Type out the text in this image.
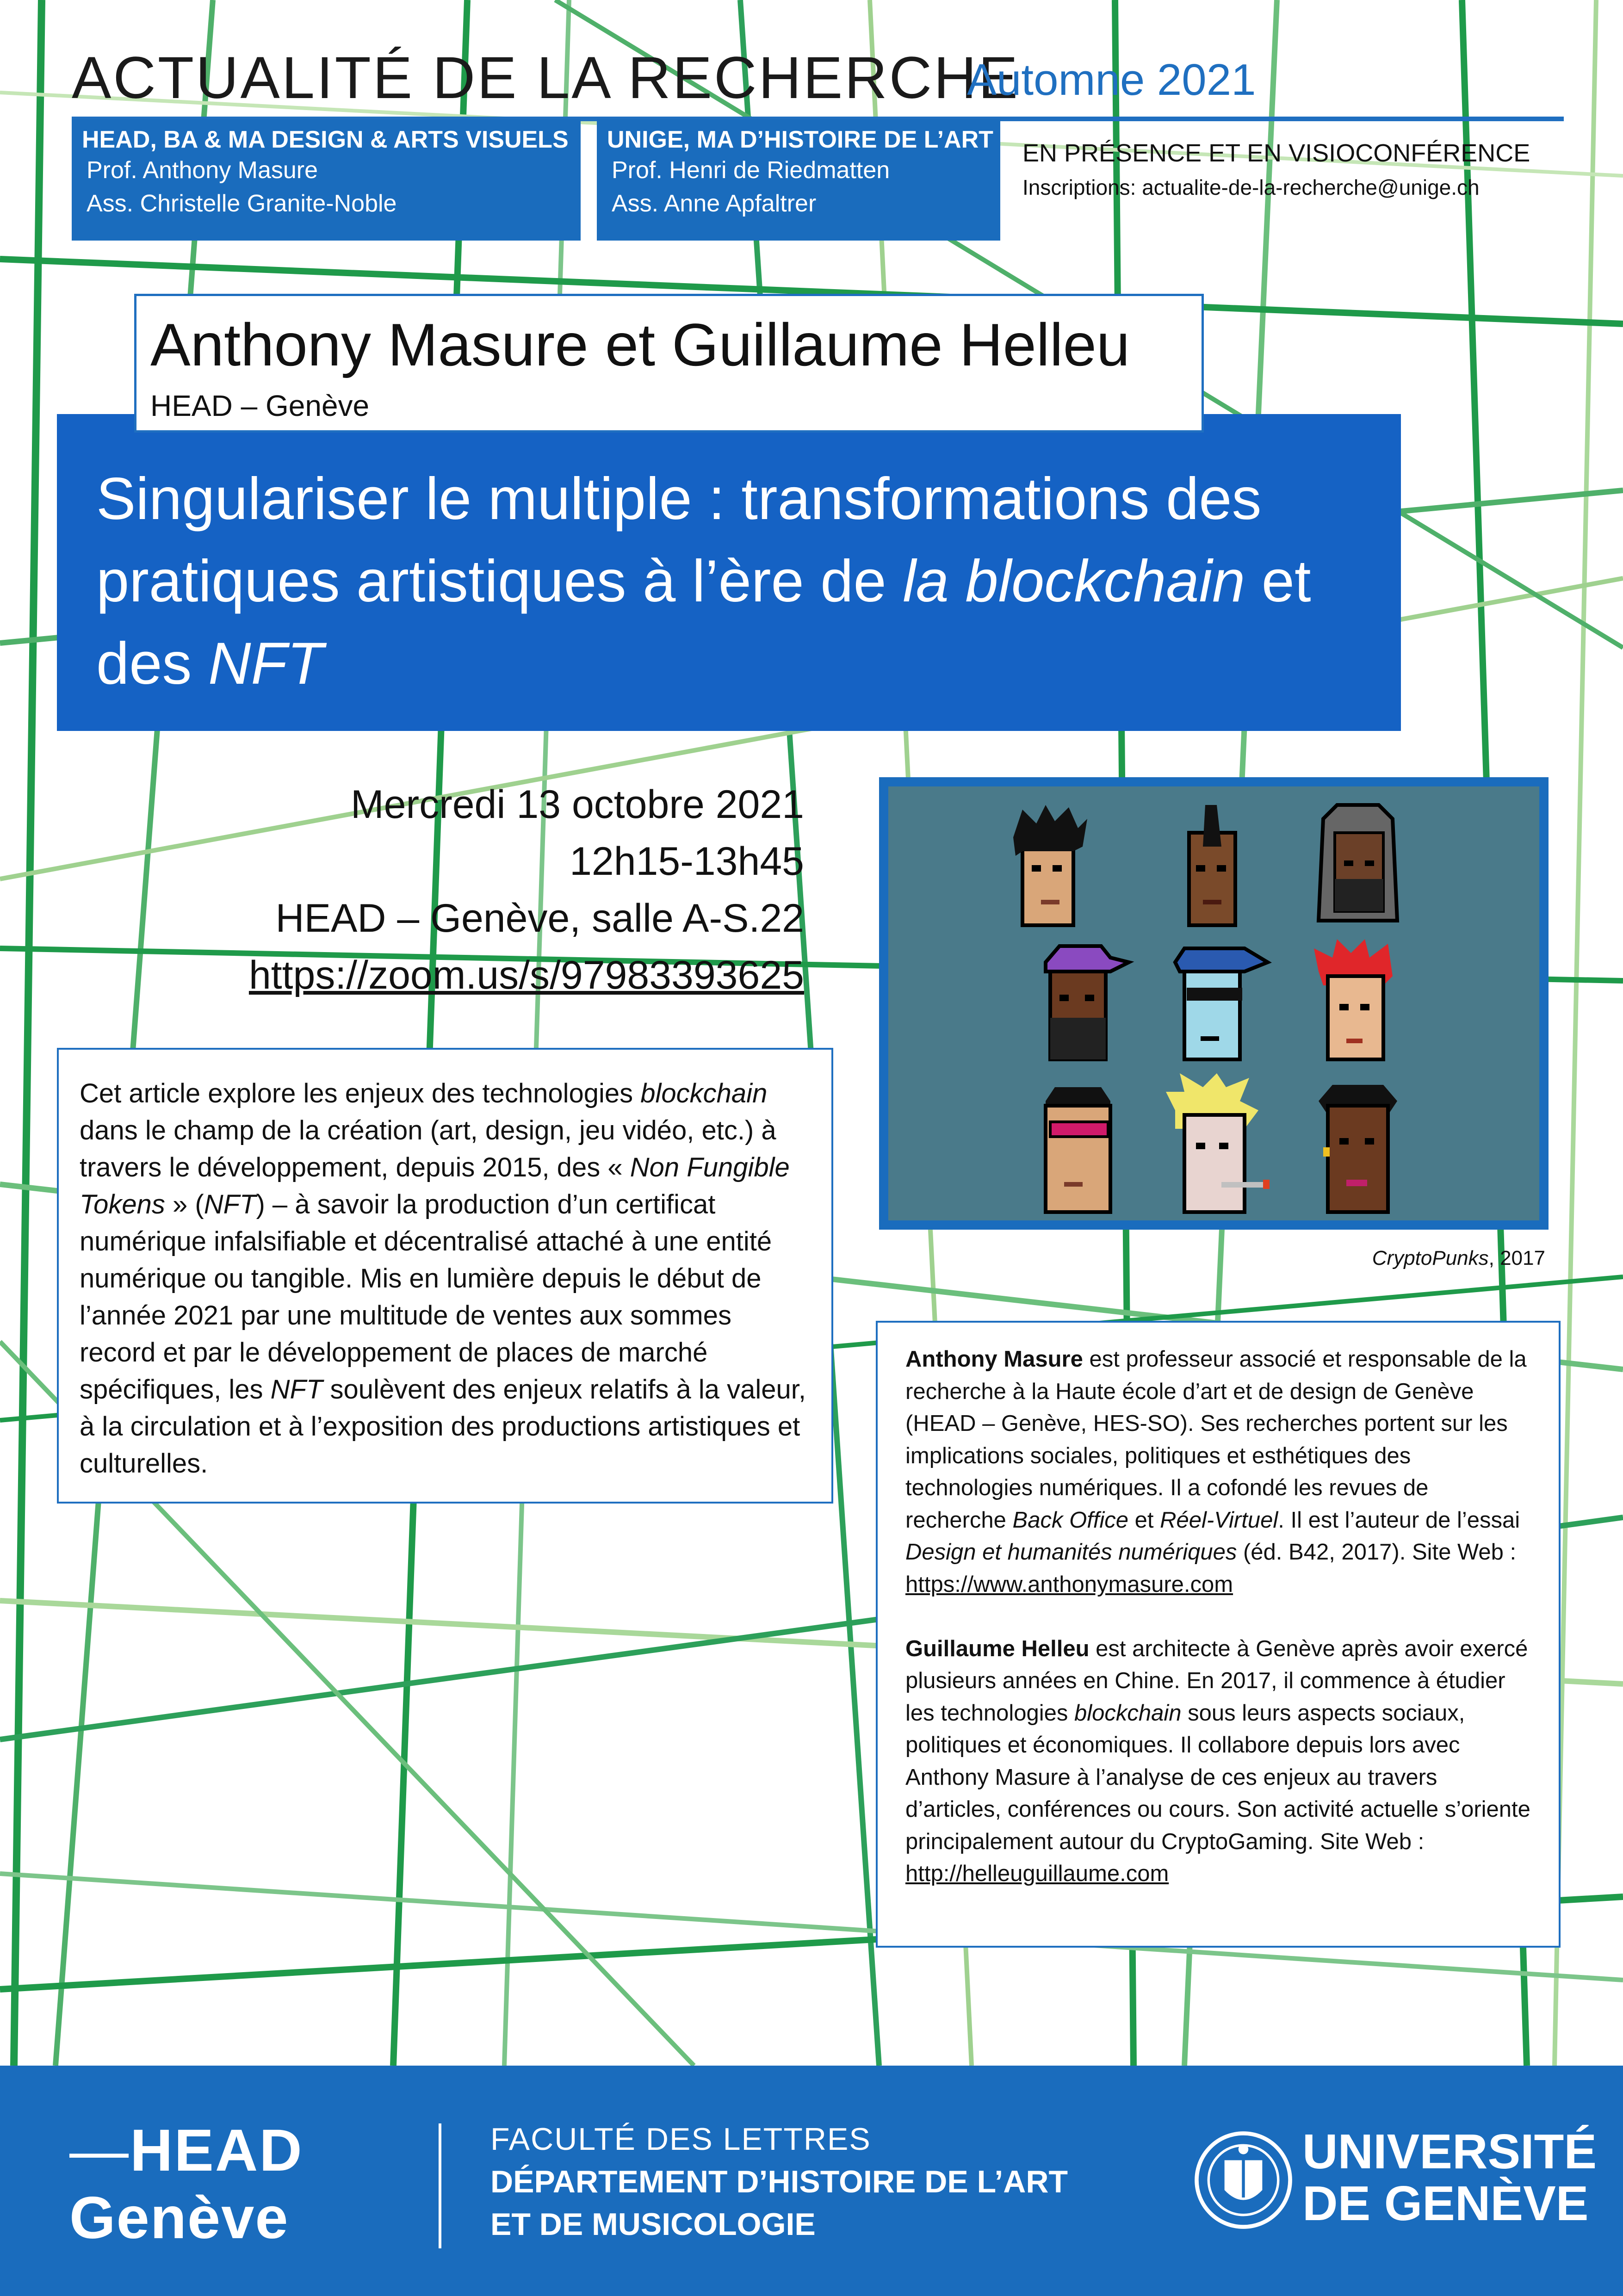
ACTUALITÉ DE LA RECHERCHE
Automne 2021
HEAD, BA & MA DESIGN & ARTS VISUELS
Prof. Anthony Masure
Ass. Christelle Granite-Noble
UNIGE, MA D’HISTOIRE DE L’ART
Prof. Henri de Riedmatten
Ass. Anne Apfaltrer
EN PRÉSENCE ET EN VISIOCONFÉRENCE
Inscriptions: actualite-de-la-recherche@unige.ch
Anthony Masure et Guillaume Helleu
HEAD – Genève
Singulariser le multiple : transformations des pratiques artistiques à l’ère de la blockchain et des NFT
Mercredi 13 octobre 2021
12h15-13h45
HEAD – Genève, salle A-S.22
https://zoom.us/s/97983393625
Cet article explore les enjeux des technologies blockchain dans le champ de la création (art, design, jeu vidéo, etc.) à travers le développement, depuis 2015, des « Non Fungible Tokens » (NFT) – à savoir la production d’un certificat numérique infalsifiable et décentralisé attaché à une entité numérique ou tangible. Mis en lumière depuis le début de l’année 2021 par une multitude de ventes aux sommes record et par le développement de places de marché spécifiques, les NFT soulèvent des enjeux relatifs à la valeur, à la circulation et à l’exposition des productions artistiques et culturelles.
CryptoPunks, 2017
Anthony Masure est professeur associé et responsable de la recherche à la Haute école d’art et de design de Genève (HEAD – Genève, HES-SO). Ses recherches portent sur les implications sociales, politiques et esthétiques des technologies numériques. Il a cofondé les revues de recherche Back Office et Réel-Virtuel. Il est l’auteur de l’essai Design et humanités numériques (éd. B42, 2017). Site Web : https://www.anthonymasure.com
Guillaume Helleu est architecte à Genève après avoir exercé plusieurs années en Chine. En 2017, il commence à étudier les technologies blockchain sous leurs aspects sociaux, politiques et économiques. Il collabore depuis lors avec Anthony Masure à l’analyse de ces enjeux au travers d’articles, conférences ou cours. Son activité actuelle s’oriente principalement autour du CryptoGaming. Site Web : http://helleuguillaume.com
—HEAD
Genève
FACULTÉ DES LETTRES
DÉPARTEMENT D’HISTOIRE DE L’ART
ET DE MUSICOLOGIE
UNIVERSITÉ
DE GENÈVE
